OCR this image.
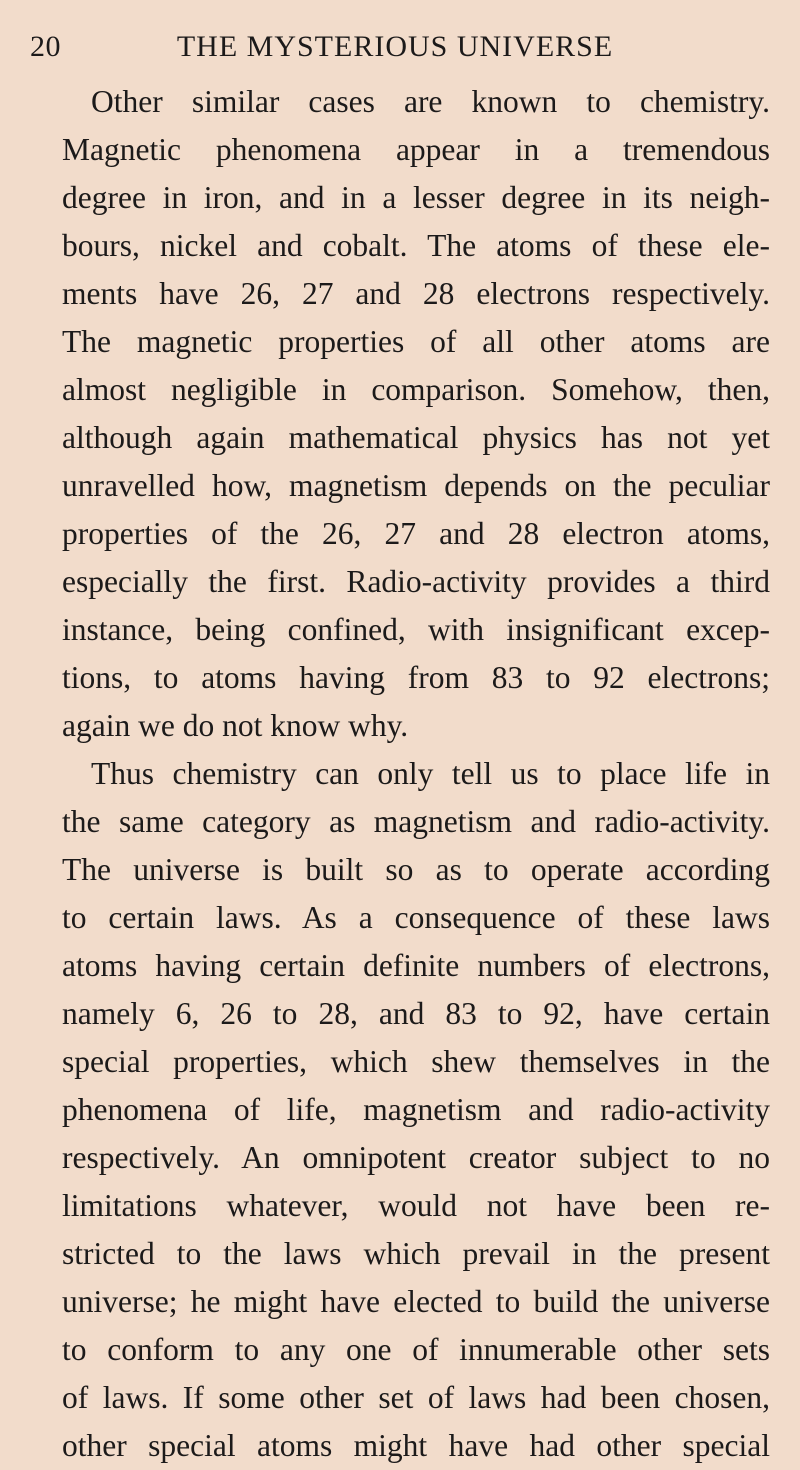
20	THE MYSTERIOUS UNIVERSE
Other similar cases are known to chemistry.
Magnetic phenomena appear in a tremendous
degree in iron, and in a lesser degree in its neigh-
bours, nickel and cobalt. The atoms of these ele-
ments have 26, 27 and 28 electrons respectively.
The magnetic properties of all other atoms are
almost negligible in comparison. Somehow, then,
although again mathematical physics has not yet
unravelled how, magnetism depends on the peculiar
properties of the 26, 27 and 28 electron atoms,
especially the first. Radio-activity provides a third
instance, being confined, with insignificant excep-
tions, to atoms having from 83 to 92 electrons;
again we do not know why.
Thus chemistry can only tell us to place life in
the same category as magnetism and radio-activity.
The universe is built so as to operate according
to certain laws. As a consequence of these laws
atoms having certain definite numbers of electrons,
namely 6, 26 to 28, and 83 to 92, have certain
special properties, which shew themselves in the
phenomena of life, magnetism and radio-activity
respectively. An omnipotent creator subject to no
limitations whatever, would not have been re-
stricted to the laws which prevail in the present
universe; he might have elected to build the universe
to conform to any one of innumerable other sets
of laws. If some other set of laws had been chosen,
other special atoms might have had other special
